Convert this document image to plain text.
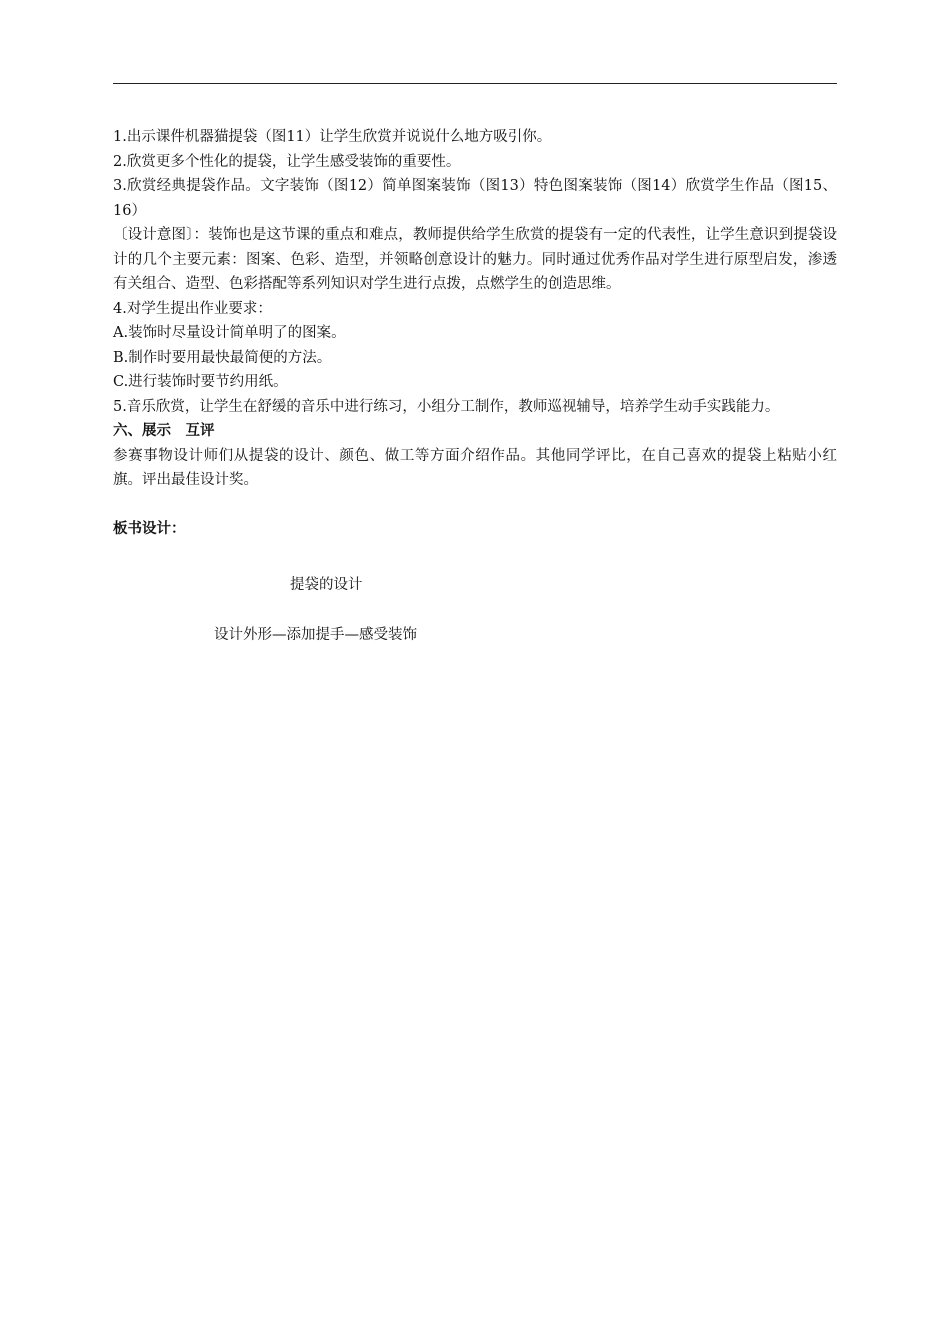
1.出示课件机器猫提袋（图11）让学生欣赏并说说什么地方吸引你。

2.欣赏更多个性化的提袋，让学生感受装饰的重要性。

3.欣赏经典提袋作品。文字装饰（图12）简单图案装饰（图13）特色图案装饰（图14）欣赏学生作品（图15、16）

〔设计意图〕：装饰也是这节课的重点和难点，教师提供给学生欣赏的提袋有一定的代表性，让学生意识到提袋设计的几个主要元素：图案、色彩、造型，并领略创意设计的魅力。同时通过优秀作品对学生进行原型启发，渗透有关组合、造型、色彩搭配等系列知识对学生进行点拨，点燃学生的创造思维。

4.对学生提出作业要求：

A.装饰时尽量设计简单明了的图案。

B.制作时要用最快最简便的方法。

C.进行装饰时要节约用纸。

5.音乐欣赏，让学生在舒缓的音乐中进行练习，小组分工制作，教师巡视辅导，培养学生动手实践能力。

六、展示　互评

参赛事物设计师们从提袋的设计、颜色、做工等方面介绍作品。其他同学评比，在自己喜欢的提袋上粘贴小红旗。评出最佳设计奖。

板书设计：

提袋的设计
设计外形—添加提手—感受装饰
